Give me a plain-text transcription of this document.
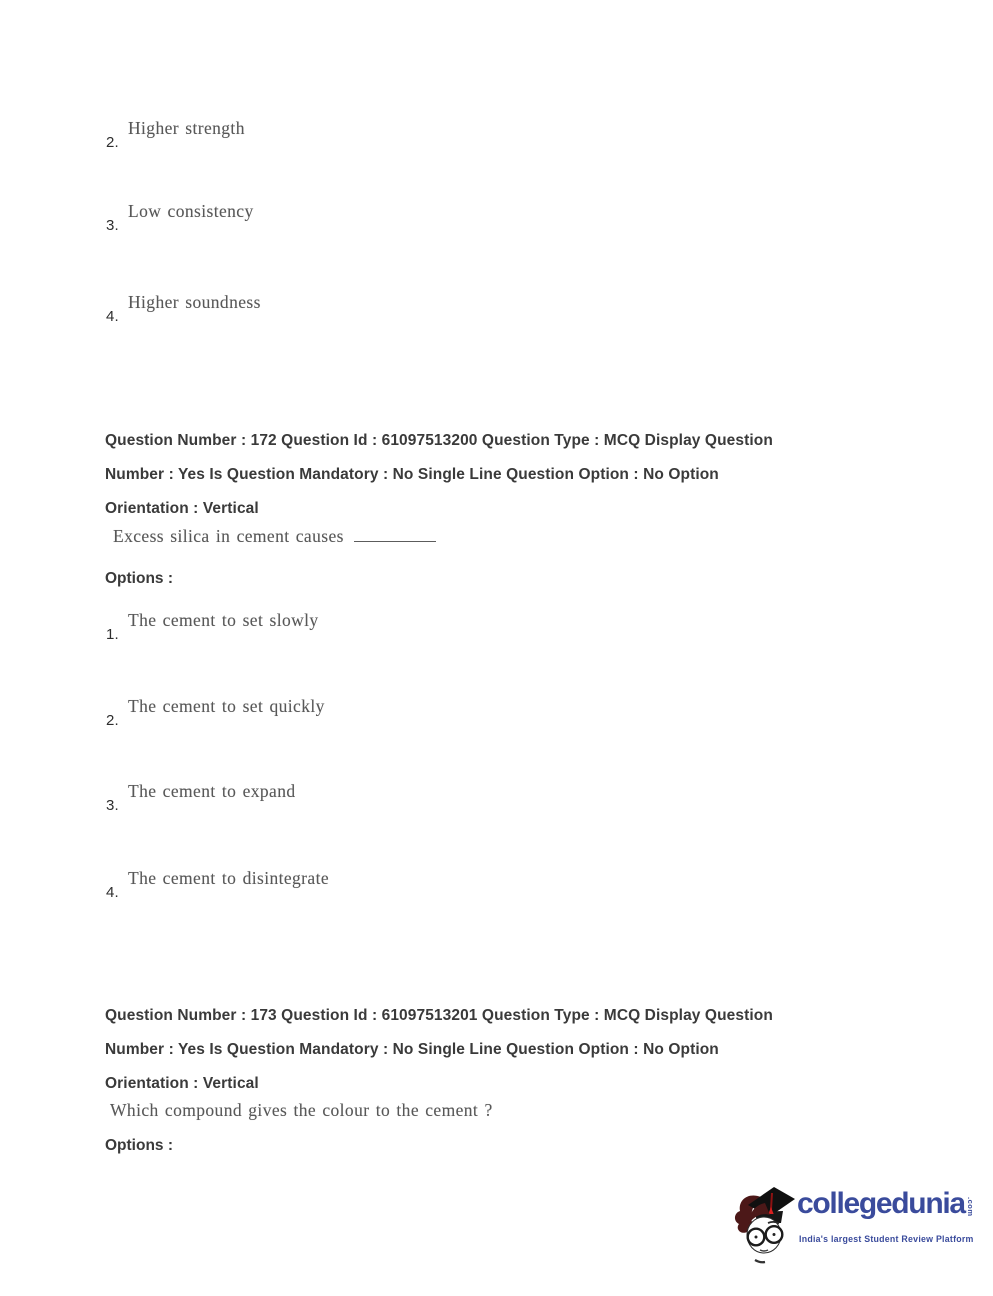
Higher strength
2.
Low consistency
3.
Higher soundness
4.
Question Number : 172 Question Id : 61097513200 Question Type : MCQ Display Question
Number : Yes Is Question Mandatory : No Single Line Question Option : No Option
Orientation : Vertical
Excess silica in cement causes
Options :
The cement to set slowly
1.
The cement to set quickly
2.
The cement to expand
3.
The cement to disintegrate
4.
Question Number : 173 Question Id : 61097513201 Question Type : MCQ Display Question
Number : Yes Is Question Mandatory : No Single Line Question Option : No Option
Orientation : Vertical
Which compound gives the colour to the cement ?
Options :
collegedunia .com
India's largest Student Review Platform
